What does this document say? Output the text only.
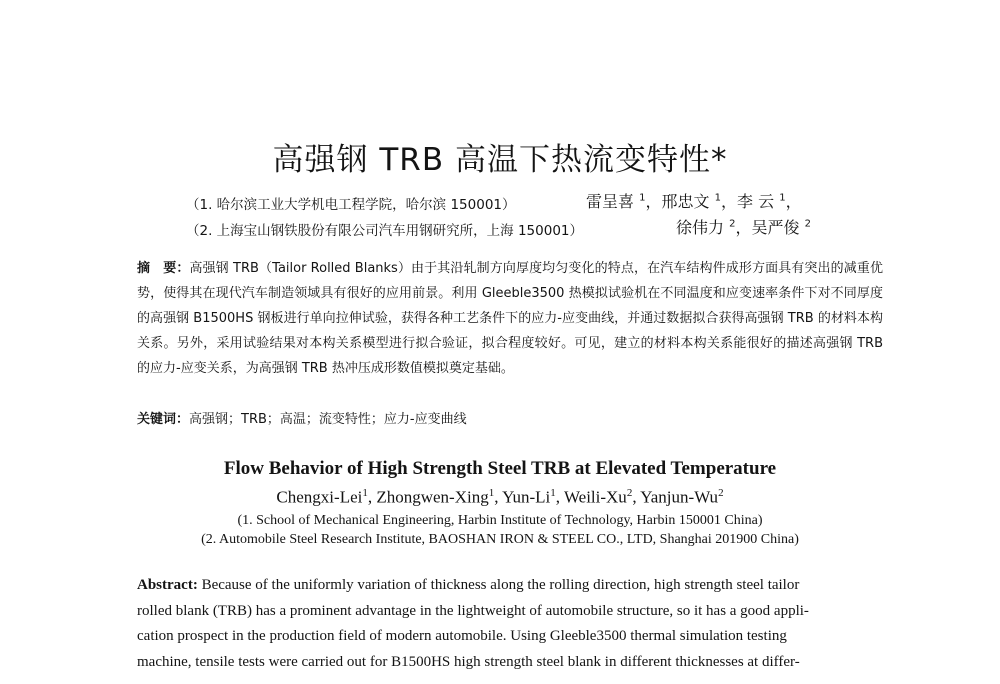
高强钢 TRB 高温下热流变特性*
（1. 哈尔滨工业大学机电工程学院，哈尔滨 150001）	雷呈喜 $^1$，邢忠文 $^1$，李 云 $^1$，
（2. 上海宝山钢铁股份有限公司汽车用钢研究所，上海 150001）	徐伟力 $^2$，吴严俊 $^2$
摘　要：高强钢 TRB（Tailor Rolled Blanks）由于其沿轧制方向厚度均匀变化的特点，在汽车结构件成形方面具有突出的减重优势，使得其在现代汽车制造领域具有很好的应用前景。利用 Gleeble3500 热模拟试验机在不同温度和应变速率条件下对不同厚度的高强钢 B1500HS 钢板进行单向拉伸试验，获得各种工艺条件下的应力-应变曲线，并通过数据拟合获得高强钢 TRB 的材料本构关系。另外，采用试验结果对本构关系模型进行拟合验证，拟合程度较好。可见，建立的材料本构关系能很好的描述高强钢 TRB 的应力-应变关系，为高强钢 TRB 热冲压成形数值模拟奠定基础。
关键词：高强钢；TRB；高温；流变特性；应力-应变曲线
Flow Behavior of High Strength Steel TRB at Elevated Temperature
Chengxi-Lei$^1$, Zhongwen-Xing$^1$, Yun-Li$^1$, Weili-Xu$^2$, Yanjun-Wu$^2$
(1. School of Mechanical Engineering, Harbin Institute of Technology, Harbin 150001 China)
(2. Automobile Steel Research Institute, BAOSHAN IRON & STEEL CO., LTD, Shanghai 201900 China)
Abstract: Because of the uniformly variation of thickness along the rolling direction, high strength steel tailor
rolled blank (TRB) has a prominent advantage in the lightweight of automobile structure, so it has a good appli-
cation prospect in the production field of modern automobile. Using Gleeble3500 thermal simulation testing
machine, tensile tests were carried out for B1500HS high strength steel blank in different thicknesses at differ-
